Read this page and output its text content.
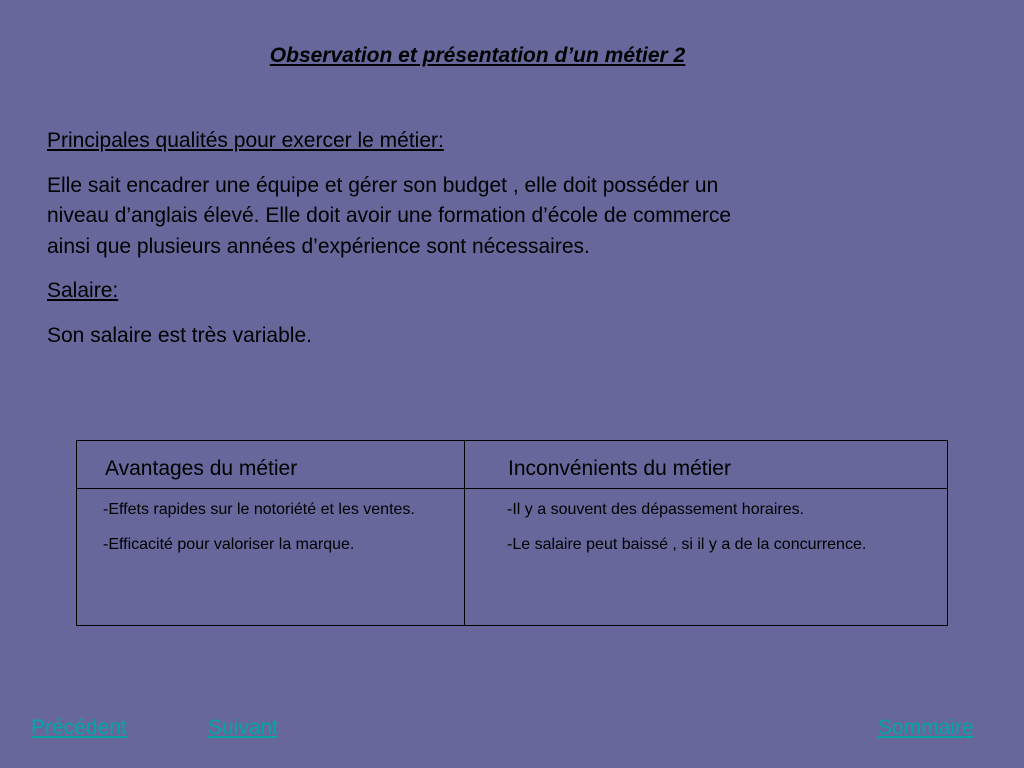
Observation et présentation d’un métier 2

Principales qualités pour exercer le métier:

Elle sait encadrer une équipe et gérer son budget , elle doit posséder un niveau d’anglais élevé. Elle doit avoir une formation d’école de commerce ainsi que plusieurs années d’expérience sont nécessaires.

Salaire:

Son salaire est très variable.

Avantages du métier

-Effets rapides sur le notoriété et les ventes.

-Efficacité pour valoriser la marque.

Inconvénients du métier

-Il y a souvent des dépassement horaires.

-Le salaire peut baissé , si il y a de la concurrence.

Précédent	Suivant	Sommaire
